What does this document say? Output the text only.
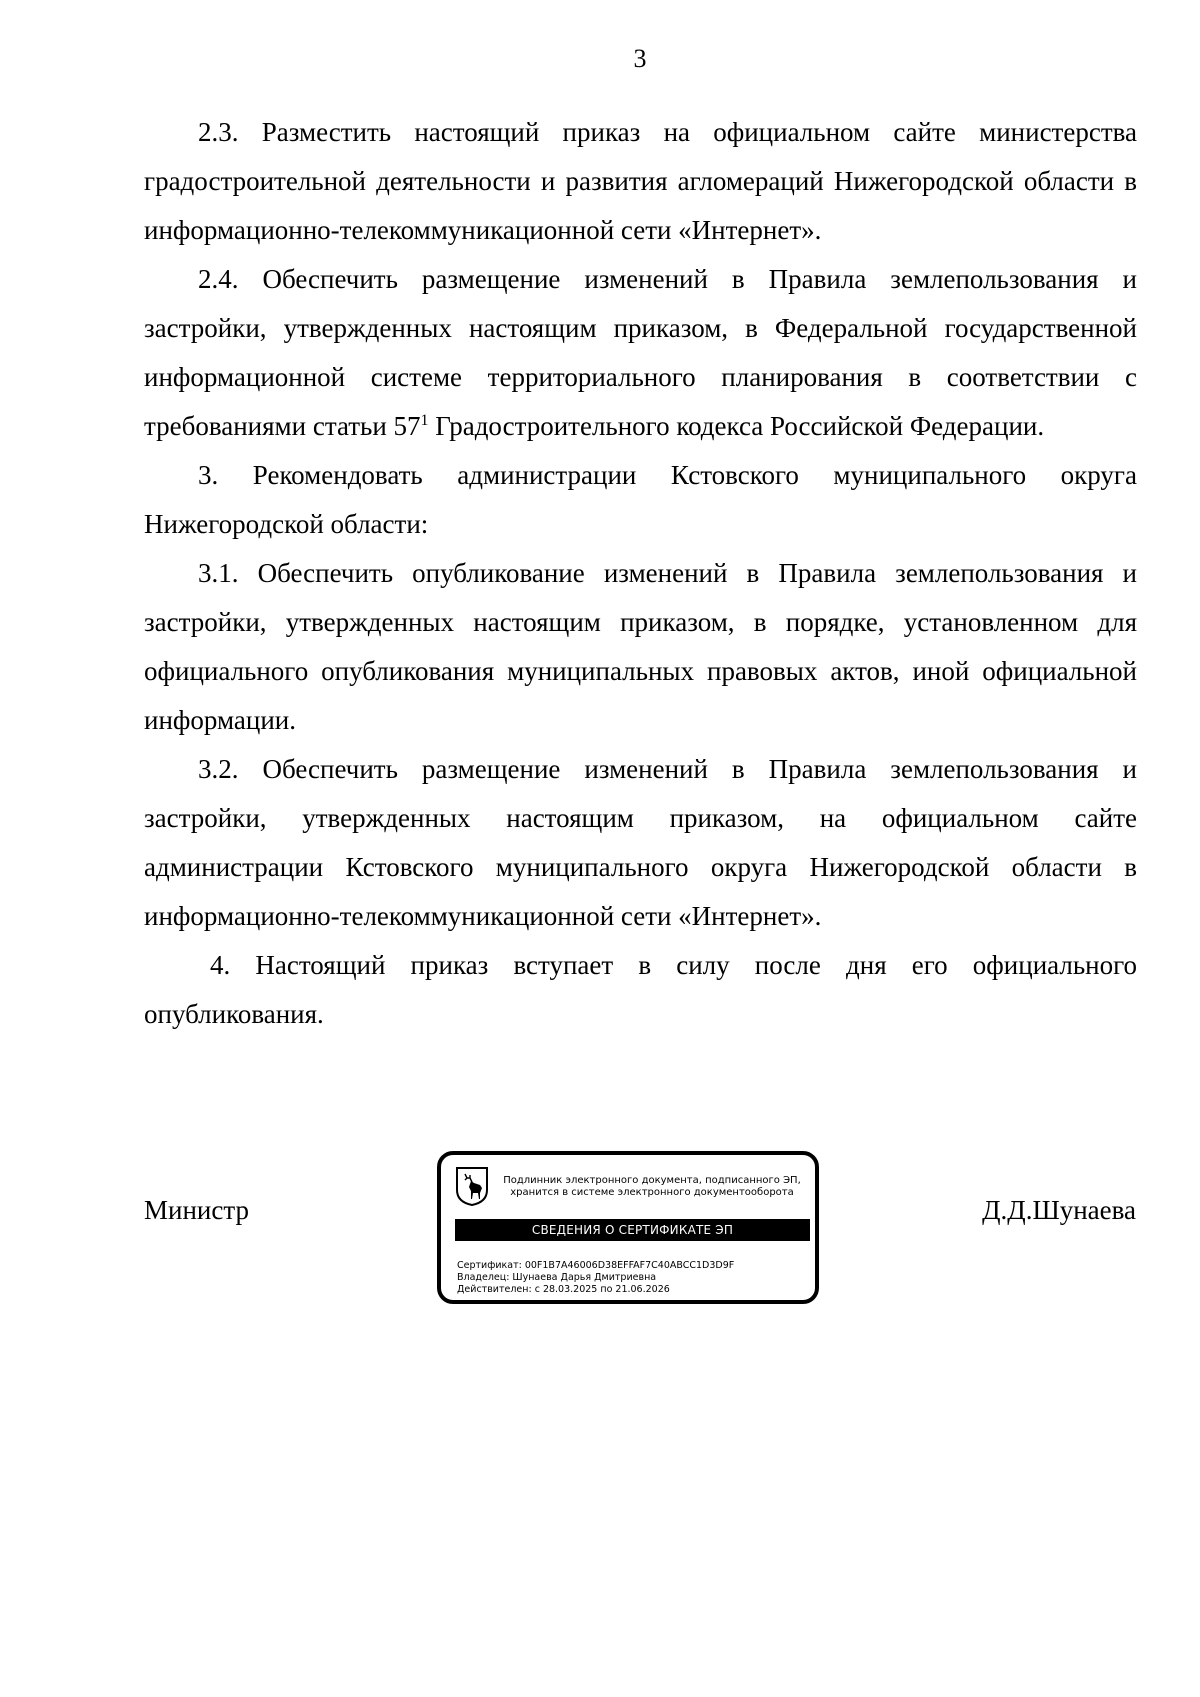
3

2.3. Разместить настоящий приказ на официальном сайте министерства градостроительной деятельности и развития агломераций Нижегородской области в информационно-телекоммуникационной сети «Интернет».

2.4. Обеспечить размещение изменений в Правила землепользования и застройки, утвержденных настоящим приказом, в Федеральной государственной информационной системе территориального планирования в соответствии с требованиями статьи $57^1$ Градостроительного кодекса Российской Федерации.

3. Рекомендовать администрации Кстовского муниципального округа Нижегородской области:

3.1. Обеспечить опубликование изменений в Правила землепользования и застройки, утвержденных настоящим приказом, в порядке, установленном для официального опубликования муниципальных правовых актов, иной официальной информации.

3.2. Обеспечить размещение изменений в Правила землепользования и застройки, утвержденных настоящим приказом, на официальном сайте администрации Кстовского муниципального округа Нижегородской области в информационно-телекоммуникационной сети «Интернет».

4. Настоящий приказ вступает в силу после дня его официального опубликования.

Министр	Д.Д.Шунаева
Подлинник электронного документа, подписанного ЭП,
хранится в системе электронного документооборота
СВЕДЕНИЯ О СЕРТИФИКАТЕ ЭП
Сертификат: 00F1B7A46006D38EFFAF7C40ABCC1D3D9F
Владелец: Шунаева Дарья Дмитриевна
Действителен: с 28.03.2025 по 21.06.2026
